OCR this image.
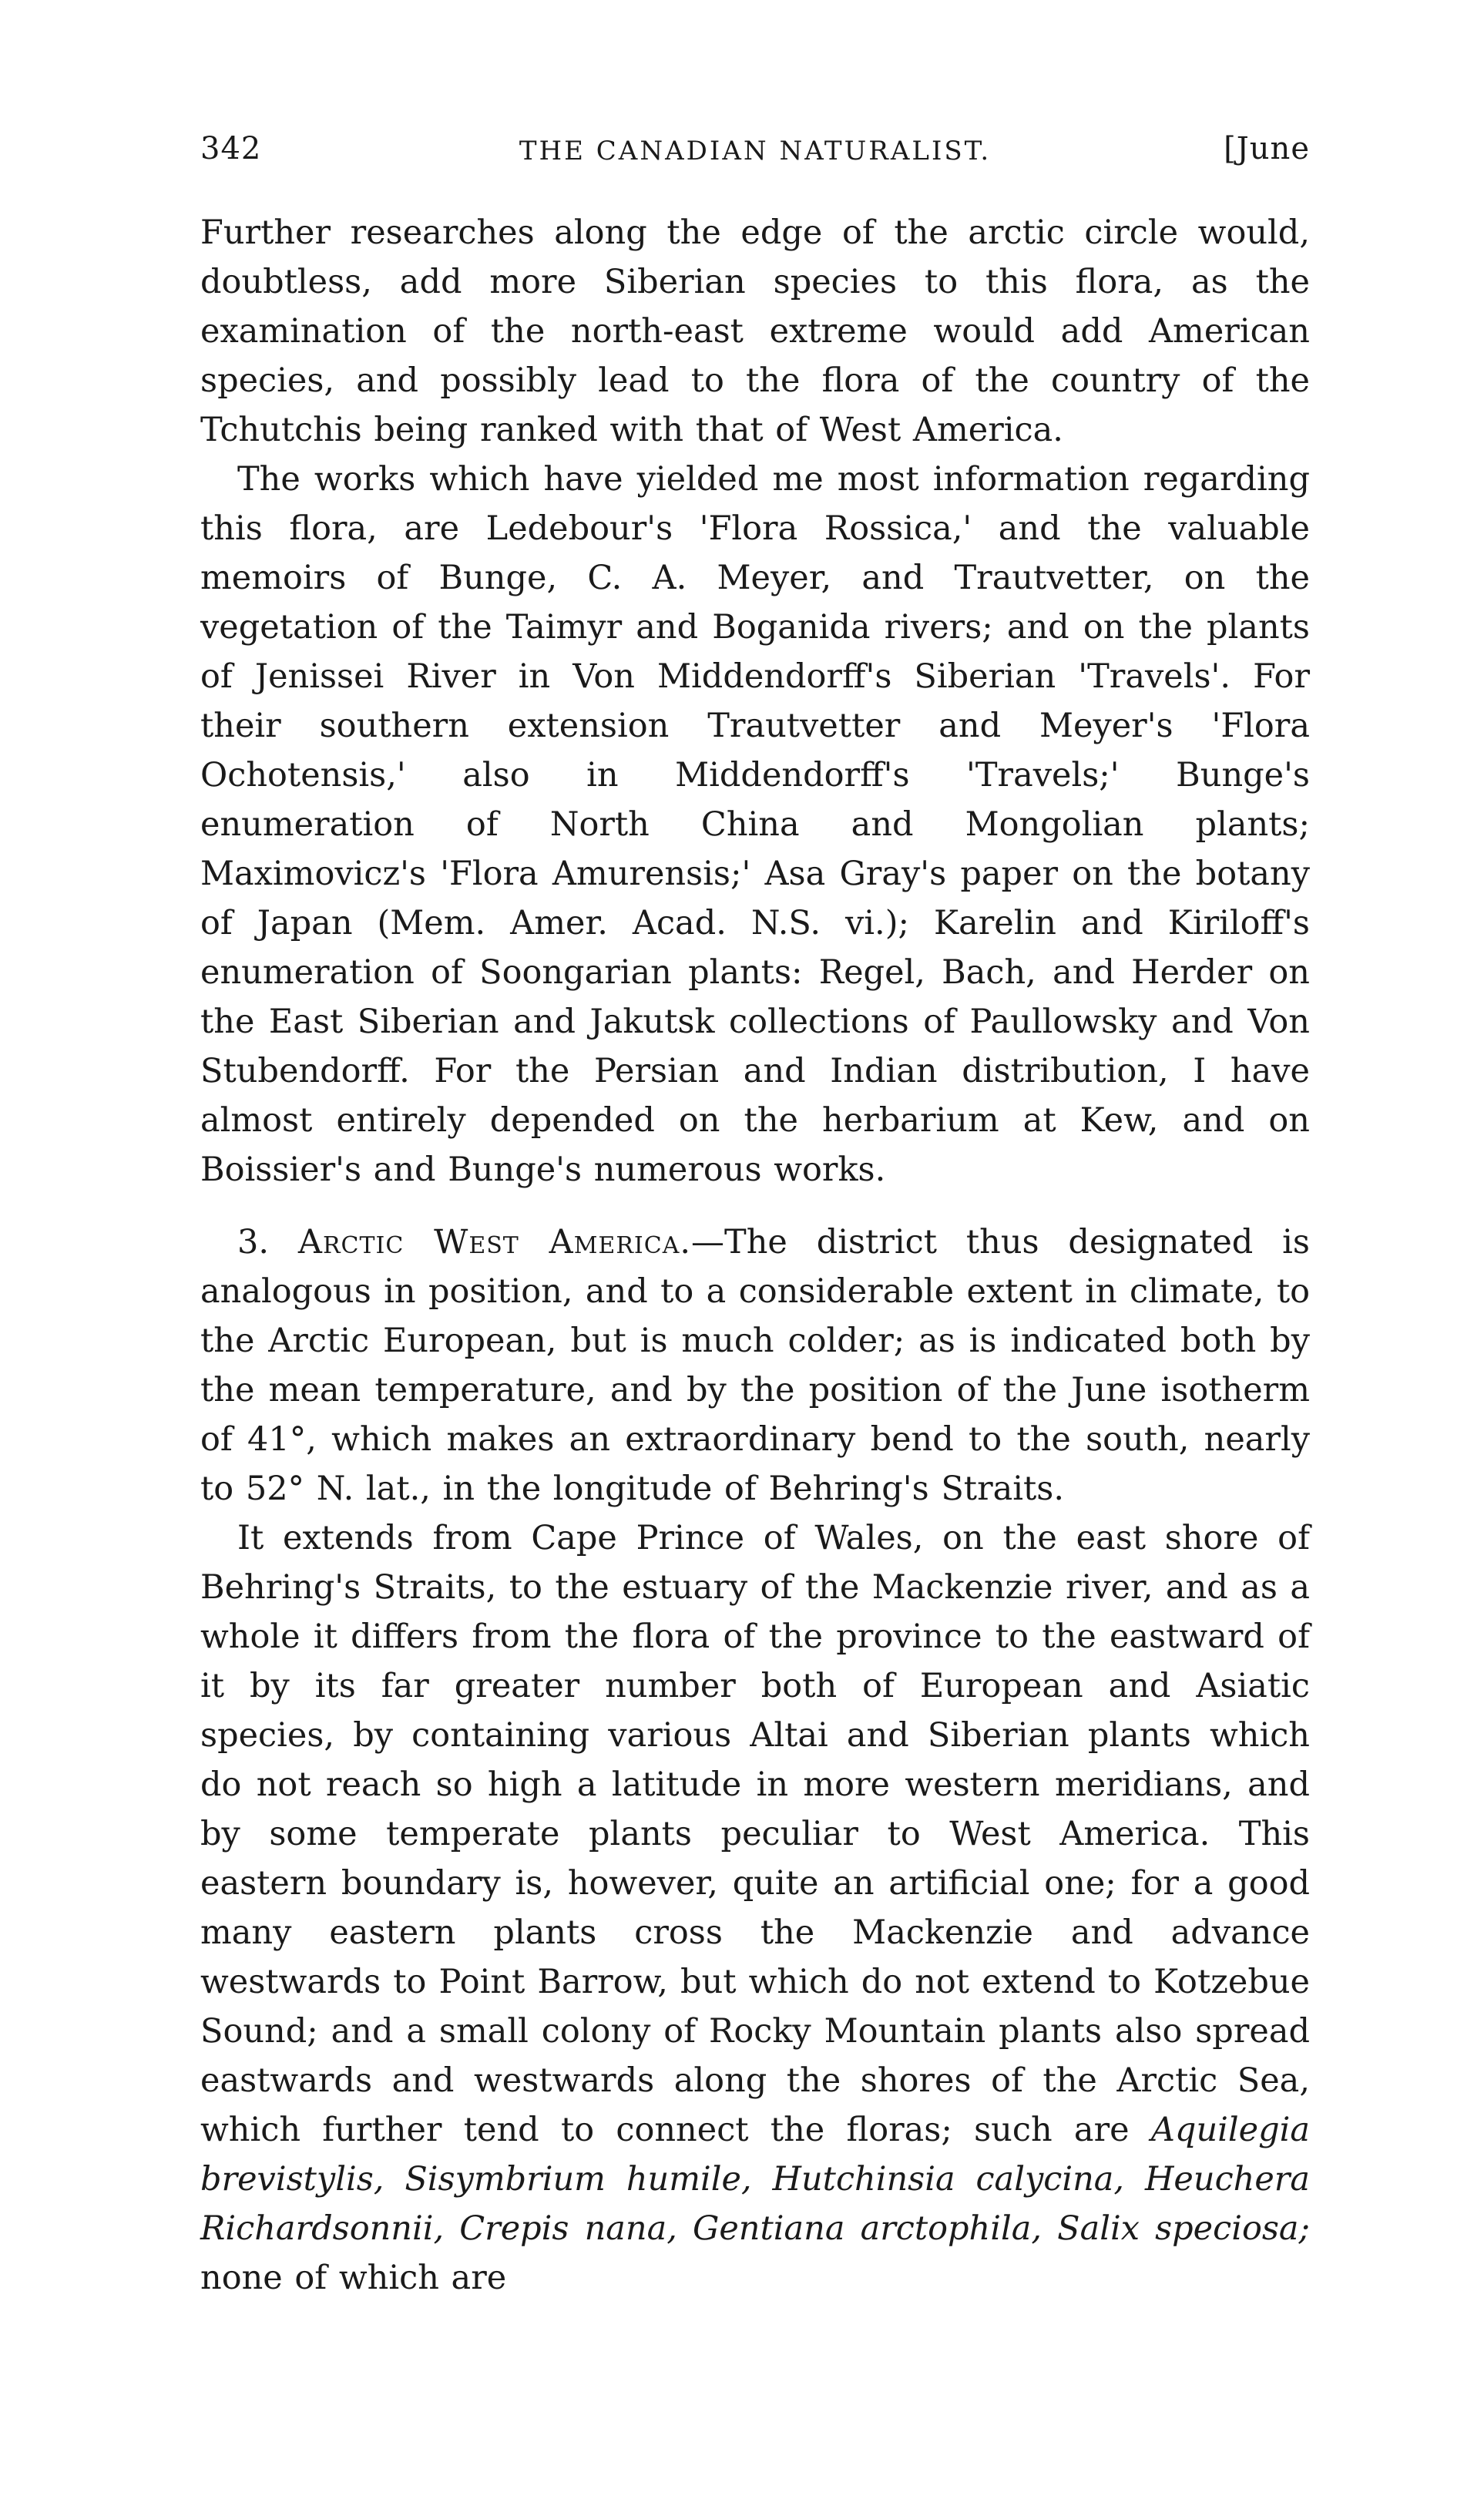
342	THE CANADIAN NATURALIST.	[June

Further researches along the edge of the arctic circle would, doubtless, add more Siberian species to this flora, as the examination of the north-east extreme would add American species, and possibly lead to the flora of the country of the Tchutchis being ranked with that of West America.

The works which have yielded me most information regarding this flora, are Ledebour's 'Flora Rossica,' and the valuable memoirs of Bunge, C. A. Meyer, and Trautvetter, on the vegetation of the Taimyr and Boganida rivers; and on the plants of Jenissei River in Von Middendorff's Siberian 'Travels'. For their southern extension Trautvetter and Meyer's 'Flora Ochotensis,' also in Middendorff's 'Travels;' Bunge's enumeration of North China and Mongolian plants; Maximovicz's 'Flora Amurensis;' Asa Gray's paper on the botany of Japan (Mem. Amer. Acad. N.S. vi.); Karelin and Kiriloff's enumeration of Soongarian plants: Regel, Bach, and Herder on the East Siberian and Jakutsk collections of Paullowsky and Von Stubendorff. For the Persian and Indian distribution, I have almost entirely depended on the herbarium at Kew, and on Boissier's and Bunge's numerous works.

3. Arctic West America.—The district thus designated is analogous in position, and to a considerable extent in climate, to the Arctic European, but is much colder; as is indicated both by the mean temperature, and by the position of the June isotherm of 41°, which makes an extraordinary bend to the south, nearly to 52° N. lat., in the longitude of Behring's Straits.

It extends from Cape Prince of Wales, on the east shore of Behring's Straits, to the estuary of the Mackenzie river, and as a whole it differs from the flora of the province to the eastward of it by its far greater number both of European and Asiatic species, by containing various Altai and Siberian plants which do not reach so high a latitude in more western meridians, and by some temperate plants peculiar to West America. This eastern boundary is, however, quite an artificial one; for a good many eastern plants cross the Mackenzie and advance westwards to Point Barrow, but which do not extend to Kotzebue Sound; and a small colony of Rocky Mountain plants also spread eastwards and westwards along the shores of the Arctic Sea, which further tend to connect the floras; such are Aquilegia brevistylis, Sisymbrium humile, Hutchinsia calycina, Heuchera Richardsonnii, Crepis nana, Gentiana arctophila, Salix speciosa; none of which are
